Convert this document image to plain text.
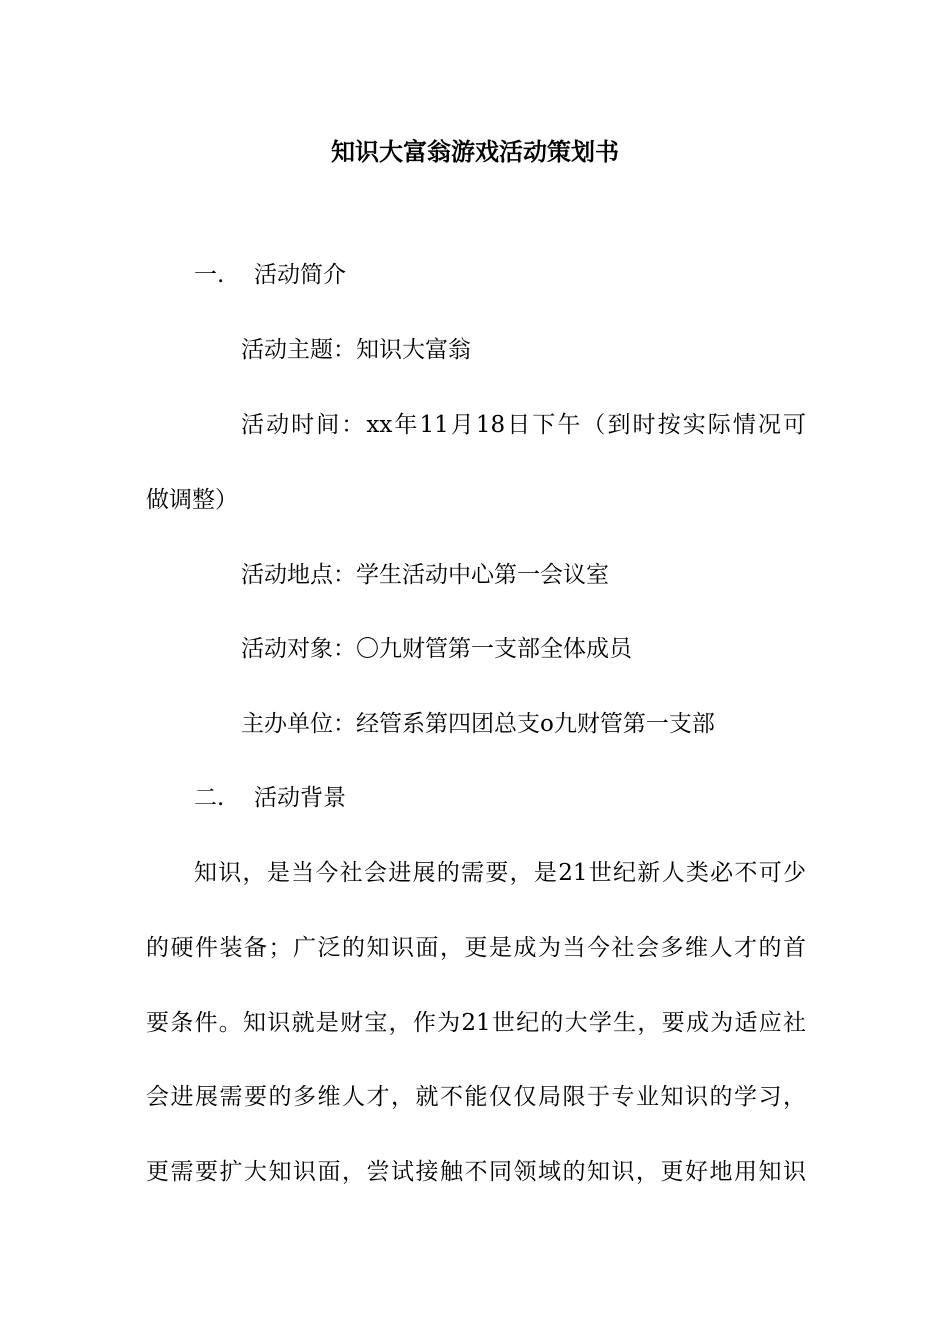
知识大富翁游戏活动策划书
一. 活动简介
活动主题：知识大富翁
活动时间：xx年11月18日下午（到时按实际情况可
做调整）
活动地点：学生活动中心第一会议室
活动对象：〇九财管第一支部全体成员
主办单位：经管系第四团总支o九财管第一支部
二. 活动背景
知识，是当今社会进展的需要，是21世纪新人类必不可少
的硬件装备；广泛的知识面，更是成为当今社会多维人才的首
要条件。知识就是财宝，作为21世纪的大学生，要成为适应社
会进展需要的多维人才，就不能仅仅局限于专业知识的学习，
更需要扩大知识面，尝试接触不同领域的知识，更好地用知识
